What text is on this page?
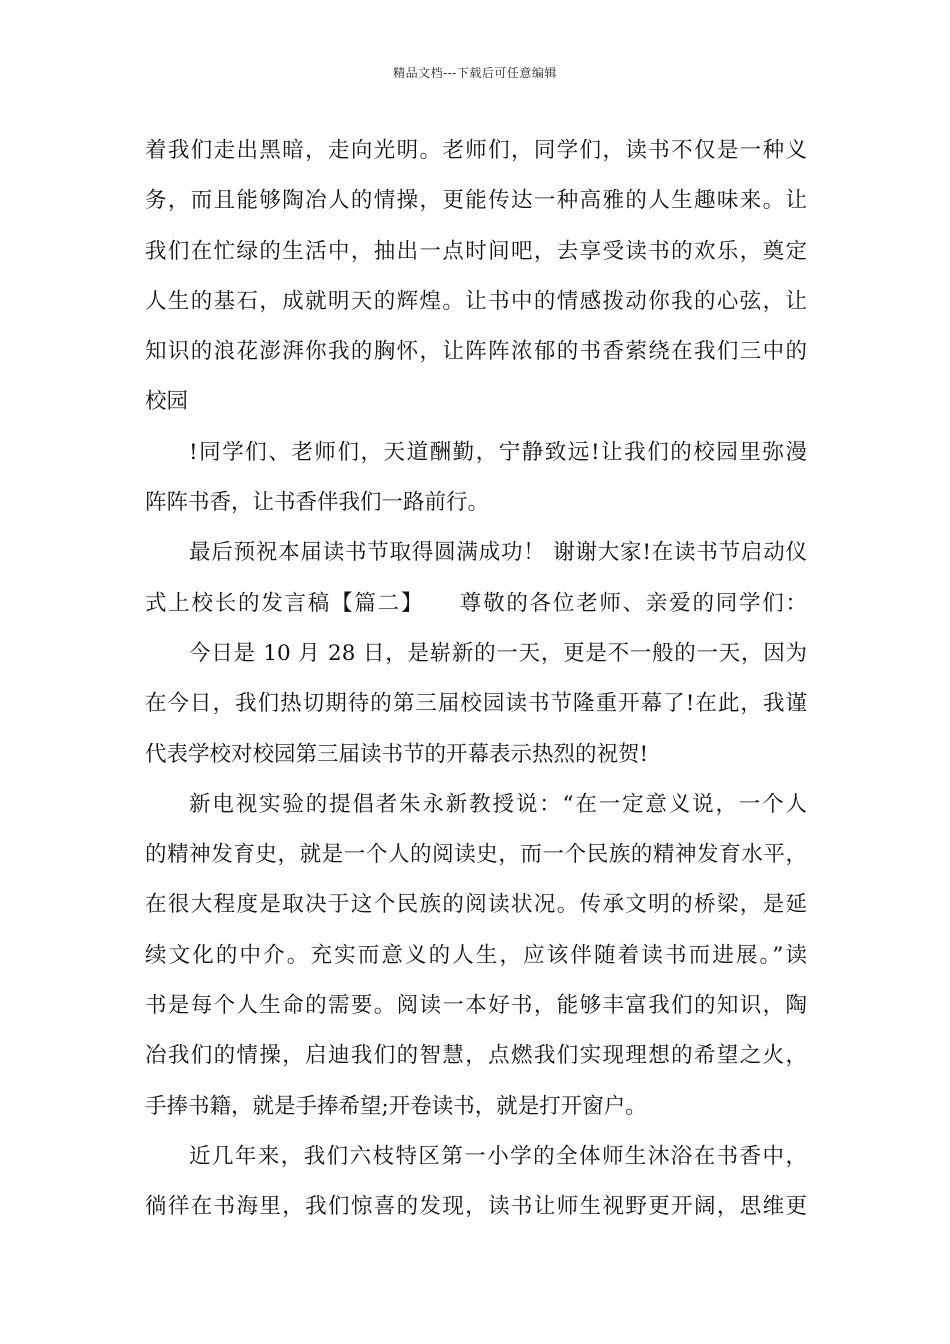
精品文档---下载后可任意编辑
着我们走出黑暗，走向光明。老师们，同学们，读书不仅是一种义
务，而且能够陶冶人的情操，更能传达一种高雅的人生趣味来。让
我们在忙绿的生活中，抽出一点时间吧，去享受读书的欢乐，奠定
人生的基石，成就明天的辉煌。让书中的情感拨动你我的心弦，让
知识的浪花澎湃你我的胸怀，让阵阵浓郁的书香萦绕在我们三中的
校园
!同学们、老师们，天道酬勤，宁静致远!让我们的校园里弥漫
阵阵书香，让书香伴我们一路前行。
最后预祝本届读书节取得圆满成功！ 谢谢大家!在读书节启动仪
式上校长的发言稿【篇二】　　尊敬的各位老师、亲爱的同学们：
今日是 10 月 28 日，是崭新的一天，更是不一般的一天，因为
在今日，我们热切期待的第三届校园读书节隆重开幕了!在此，我谨
代表学校对校园第三届读书节的开幕表示热烈的祝贺!
新电视实验的提倡者朱永新教授说：“在一定意义说，一个人
的精神发育史，就是一个人的阅读史，而一个民族的精神发育水平，
在很大程度是取决于这个民族的阅读状况。传承文明的桥梁，是延
续文化的中介。充实而意义的人生，应该伴随着读书而进展。”读
书是每个人生命的需要。阅读一本好书，能够丰富我们的知识，陶
冶我们的情操，启迪我们的智慧，点燃我们实现理想的希望之火，
手捧书籍，就是手捧希望;开卷读书，就是打开窗户。
近几年来，我们六枝特区第一小学的全体师生沐浴在书香中，
徜徉在书海里，我们惊喜的发现，读书让师生视野更开阔，思维更
